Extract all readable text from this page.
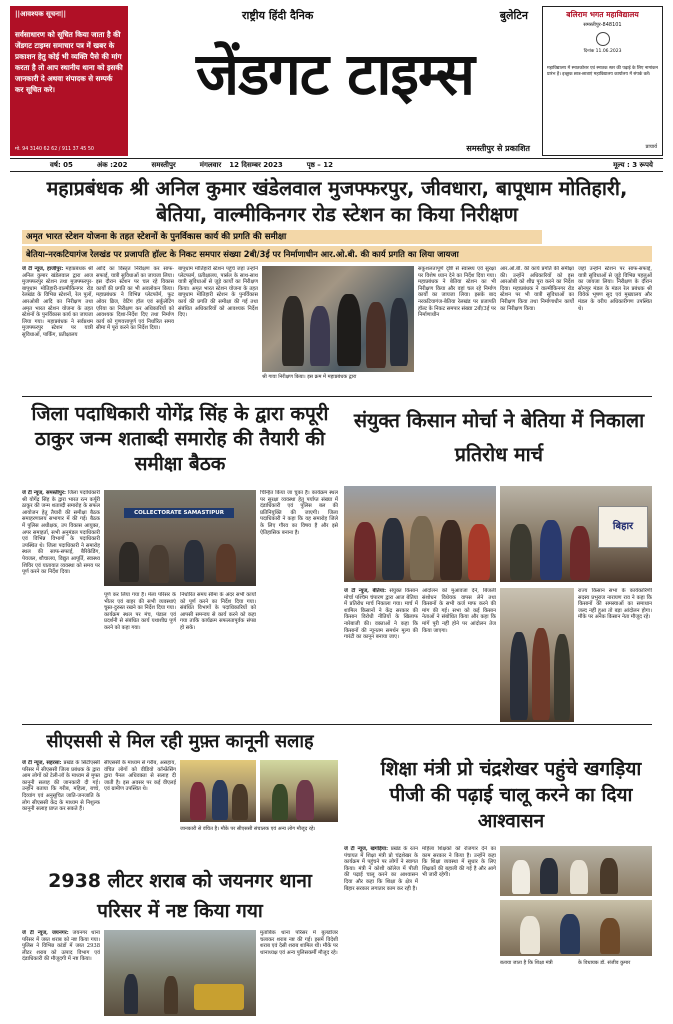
||आवश्यक सूचना||
सर्वसाधारण को सूचित किया जाता है की जेंडगट टाइम्स समाचार पत्र में खबर के प्रकाशन हेतु कोई भी व्यक्ति पैसे की मांग करता है तो आप स्थानीय थाना को इसकी जानकारी दे अथवा संपादक से सम्पर्क कर सूचित करे।
मो. 94 3140 62 62 / 911 37 45 50
राष्ट्रीय हिंदी दैनिक	बुलेटिन
जेंडगट टाइम्स
समस्तीपुर से प्रकाशित
बलिराम भगत महाविद्यालय
समस्तीपुर-848101
दिनांक 11.06.2023
महाविद्यालय में स्नातकोत्तर एवं स्नातक स्तर की पढ़ाई के लिए नामांकन प्रारंभ है। इच्छुक छात्र-छात्राएं महाविद्यालय कार्यालय में संपर्क करें।
प्राचार्य
वर्ष: 05	अंक :202	समस्तीपुर	मंगलवार 12 दिसम्बर 2023	पृष्ठ – 12	मूल्य : 3 रूपये
महाप्रबंधक श्री अनिल कुमार खंडेलवाल मुजफ्फरपुर, जीवधारा, बापूधाम मोतिहारी, बेतिया, वाल्मीकिनगर रोड स्टेशन का किया निरीक्षण
अमृत भारत स्टेशन योजना के तहत स्टेशनों के पुनर्विकास कार्य की प्रगति की समीक्षा
बेतिया-नरकटियागंज रेलखंड पर प्रजापति हॉल्ट के निकट समपार संख्या 2बी/3ई पर निर्माणाधीन आर.ओ.बी. की कार्य प्रगति का लिया जायजा
जे टी न्यूज, हाजीपुर: महाप्रबंधक श्री अनिल कुमार खंडेलवाल द्वारा आज मुजफ्फरपुर स्टेशन तथा मुजफ्फरपुर-बापूधाम मोतिहारी-वाल्मीकिनगर रोड रेलखंड के विभिन्न स्टेशनों, रेल पुलों, आरओबी आदि का निरीक्षण तथा अमृत भारत स्टेशन योजना के तहत स्टेशनों के पुनर्विकास कार्य का जायजा लिया गया। महाप्रबंधक ने सर्वप्रथम मुजफ्फरपुर स्टेशन पर यात्री सुविधाओं, पार्किंग, प्रतीक्षालय
आदि का विस्तृत निरीक्षण कर साफ-सफाई, यात्री सुविधाओं का जायजा लिया। इस दौरान स्टेशन पर चल रहे विकास कार्यों की प्रगति का भी अवलोकन किया। महाप्रबंधक ने विभिन्न प्लेटफॉर्म, फुट ओवर ब्रिज, वेटिंग हॉल एवं सर्कुलेटिंग एरिया का निरीक्षण कर अधिकारियों को आवश्यक दिशा-निर्देश दिए तथा निर्माण कार्य को गुणवत्तापूर्ण एवं निर्धारित समय सीमा में पूरा करने का निर्देश दिया।
बापूधाम मोतिहारी स्टेशन पहुंचे जहां उन्होंने प्लेटफार्म, प्रतीक्षालय, पार्सल के साथ-साथ यात्री सुविधाओं से जुड़े कार्यों का निरीक्षण किया। अमृत भारत स्टेशन योजना के तहत बापूधाम मोतिहारी स्टेशन के पुनर्विकास कार्य की प्रगति की समीक्षा की गई तथा संबंधित अधिकारियों को आवश्यक निर्देश दिए।
श्री गावा निरीक्षण किया। इस क्रम में महाप्रबंधक द्वारा
सकुशलतापूर्ण दृष्टि से स्वास्थ्य एवं सुरक्षा पर विशेष ध्यान देने का निर्देश दिया गया। महाप्रबंधक ने बेतिया स्टेशन का भी निरीक्षण किया और वहां चल रहे निर्माण कार्यों का जायजा लिया। इसके बाद नरकटियागंज-बेतिया रेलखंड पर प्रजापति हॉल्ट के निकट समपार संख्या 2बी/3ई पर निर्माणाधीन
आर.ओ.बी. की कार्य प्रगति की समीक्षा की। उन्होंने अधिकारियों को इस आरओबी को शीघ्र पूरा करने का निर्देश दिया। महाप्रबंधक ने वाल्मीकिनगर रोड स्टेशन पर भी यात्री सुविधाओं का निरीक्षण किया तथा निर्माणाधीन कार्यों का निरीक्षण किया।
जहां उन्होंने स्टेशन पर साफ-सफाई, यात्री सुविधाओं से जुड़े विभिन्न पहलुओं का जायजा लिया। निरीक्षण के दौरान सोनपुर मंडल के मंडल रेल प्रबंधक श्री विवेक भूषण सूद एवं मुख्यालय और मंडल के वरीय अधिकारीगण उपस्थित थे।
जिला पदाधिकारी योगेंद्र सिंह के द्वारा कपूरी ठाकुर जन्म शताब्दी समारोह की तैयारी की समीक्षा बैठक
जे टी न्यूज, समस्तीपुर: जिला पदाधिकारी श्री योगेंद्र सिंह के द्वारा भारत रत्न कर्पूरी ठाकुर की जन्म शताब्दी समारोह के सफल आयोजन हेतु तैयारी की समीक्षा बैठक समाहरणालय सभागार में की गई। बैठक में पुलिस अधीक्षक, उप विकास आयुक्त, अपर समाहर्ता, सभी अनुमंडल पदाधिकारी एवं विभिन्न विभागों के पदाधिकारी उपस्थित थे। जिला पदाधिकारी ने समारोह स्थल की साफ-सफाई, बैरिकेडिंग, पेयजल, शौचालय, विद्युत आपूर्ति, स्वास्थ्य शिविर एवं यातायात व्यवस्था को समय पर पूर्ण करने का निर्देश दिया।
COLLECTORATE SAMASTIPUR
पूर्ण कर लिया गया है। मेला परिसर के भीतर एवं बाहर की सभी व्यवस्थाएं चुस्त-दुरुस्त रखने का निर्देश दिया गया। कार्यक्रम स्थल पर मंच, पंडाल एवं प्रदर्शनी से संबंधित कार्य यथाशीघ्र पूर्ण करने को कहा गया।
निर्धारित समय सीमा के अंदर सभी कार्यों को पूर्ण करने का निर्देश दिया गया। संबंधित विभागों के पदाधिकारियों को आपसी समन्वय से कार्य करने को कहा गया ताकि कार्यक्रम सफलतापूर्वक संपन्न हो सके।
चिन्हित किया जा चुका है। कार्यक्रम स्थल पर सुरक्षा व्यवस्था हेतु पर्याप्त संख्या में दंडाधिकारी एवं पुलिस बल की प्रतिनियुक्ति की जाएगी। जिला पदाधिकारी ने कहा कि यह समारोह जिले के लिए गौरव का विषय है और इसे ऐतिहासिक बनाना है।
संयुक्त किसान मोर्चा ने बेतिया में निकाला प्रतिरोध मार्च
बिहार
जे टी न्यूज, बेतिया: संयुक्त किसान मोर्चा पश्चिम चंपारण द्वारा आज बेतिया में प्रतिरोध मार्च निकाला गया। मार्च में शामिल किसानों ने केंद्र सरकार की किसान विरोधी नीतियों के खिलाफ नारेबाजी की। वक्ताओं ने कहा कि किसानों की न्यूनतम समर्थन मूल्य की गारंटी का कानून बनाया जाए।
आंदोलन को मुआवजा देने, बिजली संशोधन विधेयक वापस लेने तथा किसानों के सभी कर्ज माफ करने की मांग की गई। सभा को कई किसान नेताओं ने संबोधित किया और कहा कि मांगें पूरी नहीं होने पर आंदोलन तेज किया जाएगा।
राज्य किसान सभा के कार्यकारिणी सदस्य प्रभुराज नारायण राव ने कहा कि किसानों की समस्याओं का समाधान जल्द नहीं हुआ तो बड़ा आंदोलन होगा। मौके पर अनेक किसान नेता मौजूद रहे।
सीएससी से मिल रही मुफ़्त कानूनी सलाह
जे टी न्यूज, सहरसा: प्रखंड के सिटीएस्सी परिसर में सीएससी जिला प्रबंधक के द्वारा आम लोगों को टेली-लॉ के माध्यम से मुफ्त कानूनी सलाह की जानकारी दी गई। उन्होंने बताया कि गरीब, महिला, बच्चे, दिव्यांग एवं अनुसूचित जाति-जनजाति के लोग सीएससी केंद्र के माध्यम से निशुल्क कानूनी सलाह प्राप्त कर सकते हैं।
सीएससी के माध्यम से गरीब, असहाय, वंचित लोगों को वीडियो कॉन्फ्रेंसिंग द्वारा पैनल अधिवक्ता से सलाह दी जाती है। इस अवसर पर कई वीएलई एवं ग्रामीण उपस्थित थे।
जानकारी से वंचित है। मौके पर सीएससी संचालक एवं अन्य लोग मौजूद रहे।
शिक्षा मंत्री प्रो चंद्रशेखर पहुंचे खगड़िया पीजी की पढ़ाई चालू करने का दिया आश्वासन
जे टी न्यूज, खगड़िया: प्रखंड के रतन पंचायत में शिक्षा मंत्री प्रो चंद्रशेखर के कार्यक्रम में पहुंचने पर लोगों ने स्वागत किया। मंत्री ने कोशी कॉलेज में पीजी की पढ़ाई चालू करने का आश्वासन दिया और कहा कि शिक्षा के क्षेत्र में बिहार सरकार लगातार काम कर रही है।
महिला शिक्षकों को रोजगार देने का काम सरकार ने किया है। उन्होंने कहा कि शिक्षा व्यवस्था में सुधार के लिए शिक्षकों की बहाली की गई है और आगे भी जारी रहेगी।
बताया जाता है कि शिक्षा मंत्री	के विधायक डॉ. संजीव कुमार
2938 लीटर शराब को जयनगर थाना परिसर में नष्ट किया गया
जे टी न्यूज, जयनगर: जयनगर थाना परिसर में जब्त शराब को नष्ट किया गया। पुलिस ने विभिन्न कांडों में जब्त 2938 लीटर शराब को उत्पाद विभाग एवं दंडाधिकारी की मौजूदगी में नष्ट किया।
मुताबिक थाना परिसर में बुलडोजर चलाकर शराब नष्ट की गई। इसमें विदेशी शराब एवं देसी शराब शामिल थी। मौके पर थानाध्यक्ष एवं अन्य पुलिसकर्मी मौजूद रहे।
